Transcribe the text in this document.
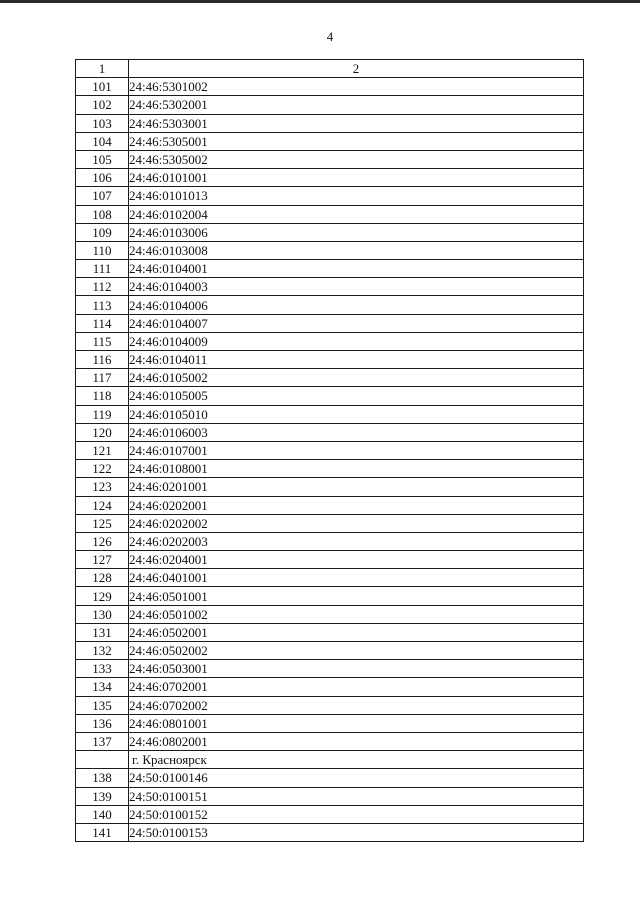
4
1	2
101	24:46:5301002
102	24:46:5302001
103	24:46:5303001
104	24:46:5305001
105	24:46:5305002
106	24:46:0101001
107	24:46:0101013
108	24:46:0102004
109	24:46:0103006
110	24:46:0103008
111	24:46:0104001
112	24:46:0104003
113	24:46:0104006
114	24:46:0104007
115	24:46:0104009
116	24:46:0104011
117	24:46:0105002
118	24:46:0105005
119	24:46:0105010
120	24:46:0106003
121	24:46:0107001
122	24:46:0108001
123	24:46:0201001
124	24:46:0202001
125	24:46:0202002
126	24:46:0202003
127	24:46:0204001
128	24:46:0401001
129	24:46:0501001
130	24:46:0501002
131	24:46:0502001
132	24:46:0502002
133	24:46:0503001
134	24:46:0702001
135	24:46:0702002
136	24:46:0801001
137	24:46:0802001
	г. Красноярск
138	24:50:0100146
139	24:50:0100151
140	24:50:0100152
141	24:50:0100153
